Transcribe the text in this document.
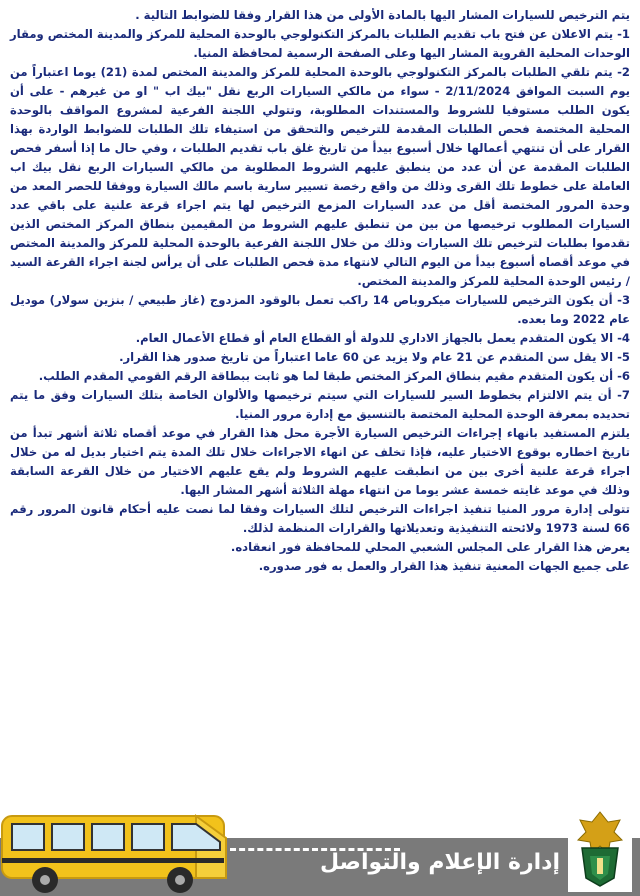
يتم الترخيص للسيارات المشار اليها بالمادة الأولى من هذا القرار وفقا للضوابط التالية .

1- يتم الاعلان عن فتح باب تقديم الطلبات بالمركز التكنولوجي بالوحدة المحلية للمركز والمدينة المختص ومقار الوحدات المحلية القروية المشار اليها وعلى الصفحة الرسمية لمحافظة المنيا.

2- يتم تلقي الطلبات بالمركز التكنولوجي بالوحدة المحلية للمركز والمدينة المختص لمدة (21) يوما اعتباراً من يوم السبت الموافق 2/11/2024 - سواء من مالكي السيارات الربع نقل "بيك اب " او من غيرهم - على أن يكون الطلب مستوفيا للشروط والمستندات المطلوبة، وتتولي اللجنة الفرعية لمشروع المواقف بالوحدة المحلية المختصة فحص الطلبات المقدمة للترخيص والتحقق من استيفاء تلك الطلبات للضوابط الواردة بهذا القرار على أن تنتهي أعمالها خلال أسبوع بيدأ من تاريخ غلق باب تقديم الطلبات ، وفي حال ما إذا أسفر فحص الطلبات المقدمة عن أن عدد من ينطبق عليهم الشروط المطلوبة من مالكي السيارات الربع نقل بيك اب العاملة على خطوط تلك القرى وذلك من واقع رخصة تسيير سارية باسم مالك السيارة ووفقا للحصر المعد من وحدة المرور المختصة أقل من عدد السيارات المزمع الترخيص لها يتم اجراء قرعة علنية على باقي عدد السيارات المطلوب ترخيصها من بين من تنطبق عليهم الشروط من المقيمين بنطاق المركز المختص الذين تقدموا بطلبات لترخيص تلك السيارات وذلك من خلال اللجنة الفرعية بالوحدة المحلية للمركز والمدينة المختص في موعد أقصاه أسبوع بيدأ من اليوم التالي لانتهاء مدة فحص الطلبات على أن يرأس لجنة اجراء القرعة السيد / رئيس الوحدة المحلية للمركز والمدينة المختص.

3- أن يكون الترخيص للسيارات ميكروباص 14 راكب تعمل بالوقود المزدوج (غاز طبيعي / بنزين سولار) موديل عام 2022 وما بعده.

4- الا يكون المتقدم يعمل بالجهاز الاداري للدولة أو القطاع العام أو قطاع الأعمال العام.

5- الا يقل سن المتقدم عن 21 عام ولا يزيد عن 60 عاما اعتباراً من تاريخ صدور هذا القرار.

6- أن يكون المتقدم مقيم بنطاق المركز المختص طبقا لما هو ثابت ببطاقة الرقم القومي المقدم الطلب.

7- أن يتم الالتزام بخطوط السير للسيارات التي سيتم ترخيصها والألوان الخاصة بتلك السيارات وفق ما يتم تحديده بمعرفة الوحدة المحلية المختصة بالتنسيق مع إدارة مرور المنيا.

يلتزم المستفيد بانهاء إجراءات الترخيص السيارة الأجرة محل هذا القرار في موعد أقصاه ثلاثة أشهر تبدأ من تاريخ اخطاره بوقوع الاختيار عليه، فإذا تخلف عن انهاء الاجراءات خلال تلك المدة يتم اختيار بديل له من خلال اجراء قرعة علنية أخرى بين من انطبقت عليهم الشروط ولم يقع عليهم الاختيار من خلال القرعة السابقة وذلك في موعد غايته خمسة عشر يوما من انتهاء مهلة الثلاثة أشهر المشار اليها.

تتولى إدارة مرور المنيا تنفيذ اجراءات الترخيص لتلك السيارات وفقا لما نصت عليه أحكام قانون المرور رقم 66 لسنة 1973 ولائحته التنفيذية وتعديلاتها والقرارات المنظمة لذلك.

يعرض هذا القرار على المجلس الشعبي المحلي للمحافظة فور انعقاده.

على جميع الجهات المعنية تنفيذ هذا القرار والعمل به فور صدوره.

إدارة الإعلام والتواصل
